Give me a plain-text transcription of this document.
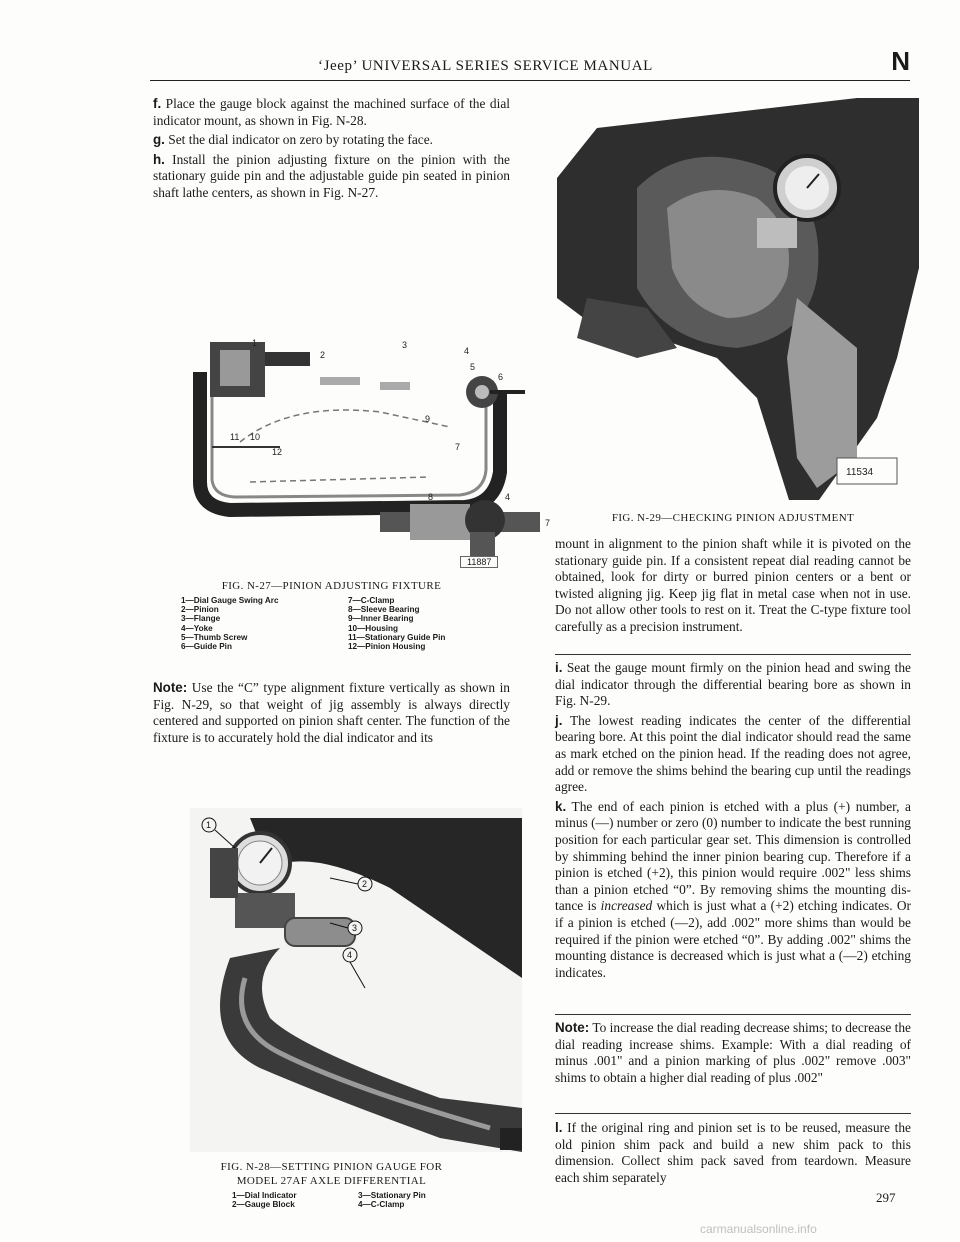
‘Jeep’ UNIVERSAL SERIES SERVICE MANUAL	N

f. Place the gauge block against the machined surface of the dial indicator mount, as shown in Fig. N-28.

g. Set the dial indicator on zero by rotating the face.

h. Install the pinion adjusting fixture on the pinion with the stationary guide pin and the adjustable guide pin seated in pinion shaft lathe centers, as shown in Fig. N-27.

1
2
3
4
5
6
7
9
10
11
12
8	4
7
11887
FIG. N-27—PINION ADJUSTING FIXTURE
1—Dial Gauge Swing Arc
2—Pinion
3—Flange
4—Yoke
5—Thumb Screw
6—Guide Pin
7—C-Clamp
8—Sleeve Bearing
9—Inner Bearing
10—Housing
11—Stationary Guide Pin
12—Pinion Housing

Note: Use the “C” type alignment fixture vertically as shown in Fig. N-29, so that weight of jig assembly is always directly centered and supported on pinion shaft center. The function of the fixture is to accurately hold the dial indicator and its

1
2
3
4
FIG. N-28—SETTING PINION GAUGE FOR
MODEL 27AF AXLE DIFFERENTIAL
1—Dial Indicator
2—Gauge Block
3—Stationary Pin
4—C-Clamp
11534
FIG. N-29—CHECKING PINION ADJUSTMENT

mount in alignment to the pinion shaft while it is pivoted on the stationary guide pin. If a consistent repeat dial reading cannot be obtained, look for dirty or burred pinion centers or a bent or twisted aligning jig. Keep jig flat in metal case when not in use. Do not allow other tools to rest on it. Treat the C-type fixture tool carefully as a precision instrument.

i. Seat the gauge mount firmly on the pinion head and swing the dial indicator through the differential bearing bore as shown in Fig. N-29.

j. The lowest reading indicates the center of the differential bearing bore. At this point the dial indicator should read the same as mark etched on the pinion head. If the reading does not agree, add or remove the shims behind the bearing cup until the readings agree.

k. The end of each pinion is etched with a plus (+) number, a minus (—) number or zero (0) number to indicate the best running position for each particular gear set. This dimension is controlled by shimming behind the inner pinion bearing cup. Therefore if a pinion is etched (+2), this pinion would require .002" less shims than a pinion etched “0”. By removing shims the mounting distance is increased which is just what a (+2) etching indicates. Or if a pinion is etched (—2), add .002" more shims than would be required if the pinion were etched “0”. By adding .002" shims the mounting distance is decreased which is just what a (—2) etching indicates.

Note: To increase the dial reading decrease shims; to decrease the dial reading increase shims. Example: With a dial reading of minus .001" and a pinion marking of plus .002" remove .003" shims to obtain a higher dial reading of plus .002"

l. If the original ring and pinion set is to be reused, measure the old pinion shim pack and build a new shim pack to this dimension. Collect shim pack saved from teardown. Measure each shim separately

297
carmanualsonline.info
